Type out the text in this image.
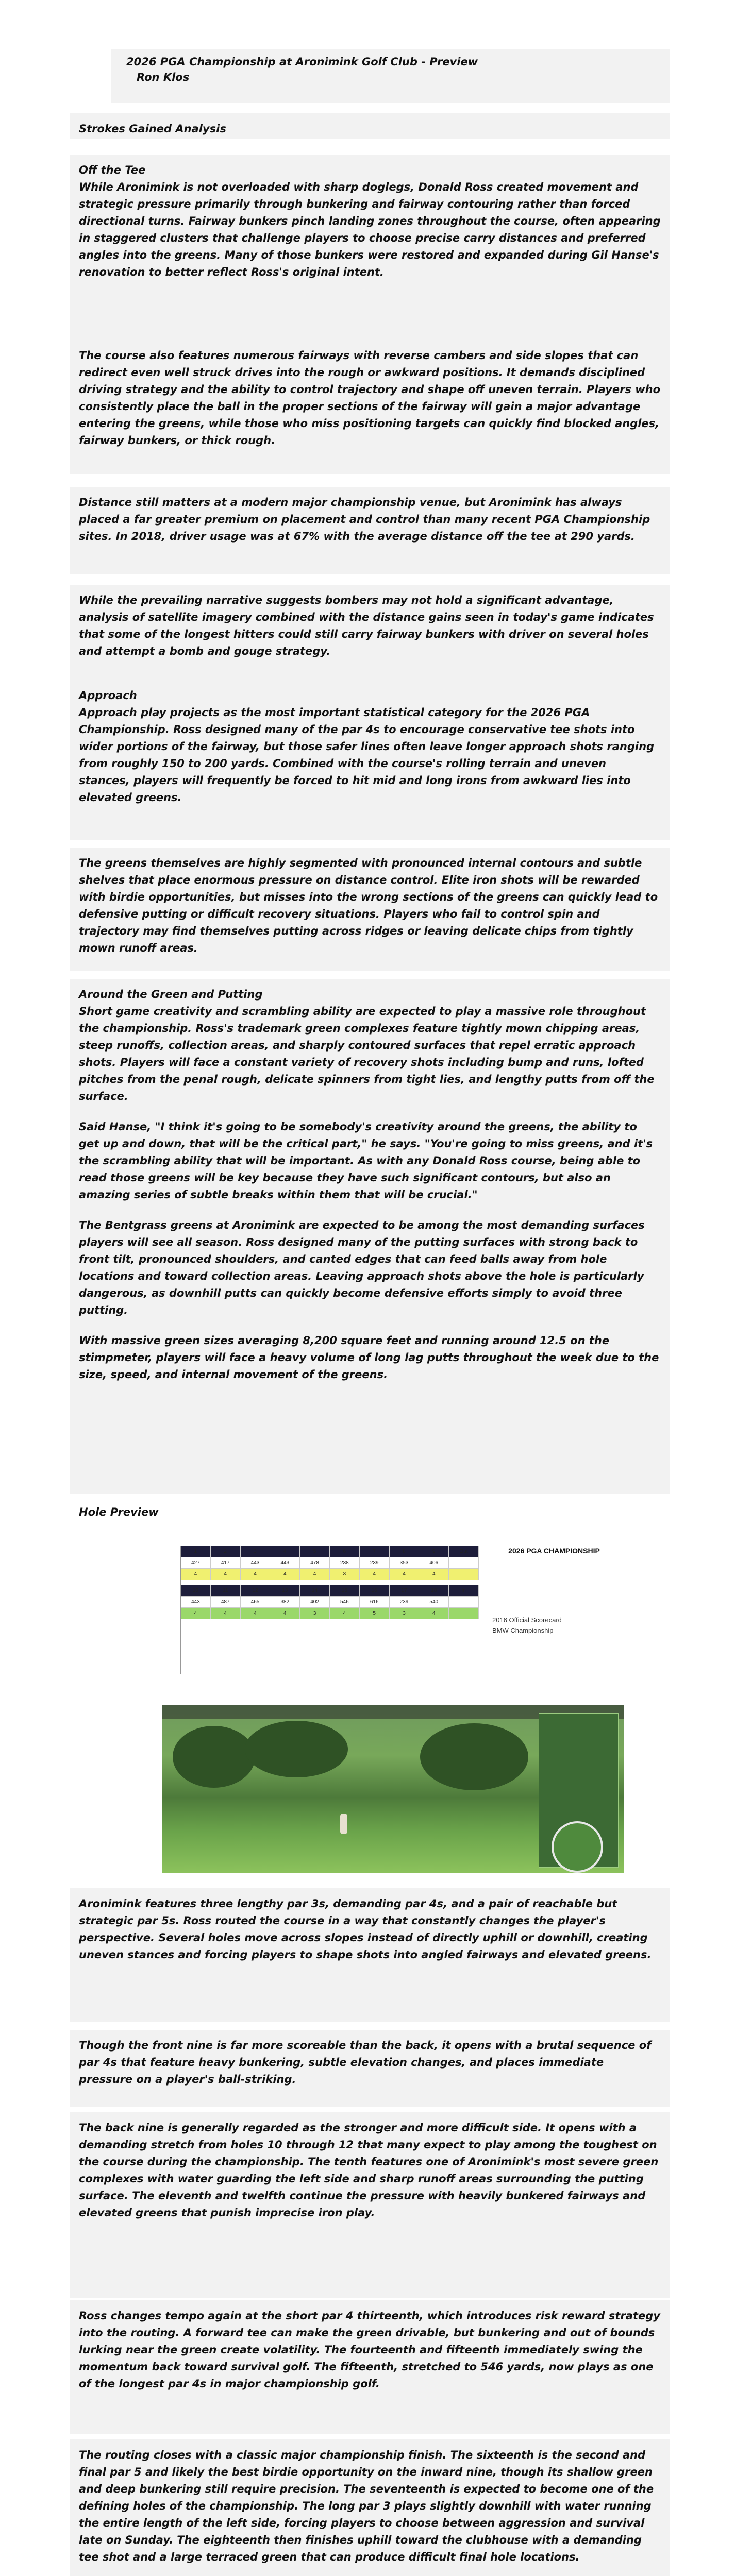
2026 PGA Championship at Aronimink Golf Club - Preview
Ron Klos
Strokes Gained Analysis
Off the Tee

While Aronimink is not overloaded with sharp doglegs, Donald Ross created movement and strategic pressure primarily through bunkering and fairway contouring rather than forced directional turns. Fairway bunkers pinch landing zones throughout the course, often appearing in staggered clusters that challenge players to choose precise carry distances and preferred angles into the greens. Many of those bunkers were restored and expanded during Gil Hanse's renovation to better reflect Ross's original intent.

The course also features numerous fairways with reverse cambers and side slopes that can redirect even well struck drives into the rough or awkward positions. It demands disciplined driving strategy and the ability to control trajectory and shape off uneven terrain. Players who consistently place the ball in the proper sections of the fairway will gain a major advantage entering the greens, while those who miss positioning targets can quickly find blocked angles, fairway bunkers, or thick rough.

Distance still matters at a modern major championship venue, but Aronimink has always placed a far greater premium on placement and control than many recent PGA Championship sites. In 2018, driver usage was at 67% with the average distance off the tee at 290 yards.

While the prevailing narrative suggests bombers may not hold a significant advantage, analysis of satellite imagery combined with the distance gains seen in today's game indicates that some of the longest hitters could still carry fairway bunkers with driver on several holes and attempt a bomb and gouge strategy.

Approach

Approach play projects as the most important statistical category for the 2026 PGA Championship. Ross designed many of the par 4s to encourage conservative tee shots into wider portions of the fairway, but those safer lines often leave longer approach shots ranging from roughly 150 to 200 yards. Combined with the course's rolling terrain and uneven stances, players will frequently be forced to hit mid and long irons from awkward lies into elevated greens.

The greens themselves are highly segmented with pronounced internal contours and subtle shelves that place enormous pressure on distance control. Elite iron shots will be rewarded with birdie opportunities, but misses into the wrong sections of the greens can quickly lead to defensive putting or difficult recovery situations. Players who fail to control spin and trajectory may find themselves putting across ridges or leaving delicate chips from tightly mown runoff areas.

Around the Green and Putting

Short game creativity and scrambling ability are expected to play a massive role throughout the championship. Ross's trademark green complexes feature tightly mown chipping areas, steep runoffs, collection areas, and sharply contoured surfaces that repel erratic approach shots. Players will face a constant variety of recovery shots including bump and runs, lofted pitches from the penal rough, delicate spinners from tight lies, and lengthy putts from off the surface.

Said Hanse, "I think it's going to be somebody's creativity around the greens, the ability to get up and down, that will be the critical part," he says. "You're going to miss greens, and it's the scrambling ability that will be important. As with any Donald Ross course, being able to read those greens will be key because they have such significant contours, but also an amazing series of subtle breaks within them that will be crucial."

The Bentgrass greens at Aronimink are expected to be among the most demanding surfaces players will see all season. Ross designed many of the putting surfaces with strong back to front tilt, pronounced shoulders, and canted edges that can feed balls away from hole locations and toward collection areas. Leaving approach shots above the hole is particularly dangerous, as downhill putts can quickly become defensive efforts simply to avoid three putting.

With massive green sizes averaging 8,200 square feet and running around 12.5 on the stimpmeter, players will face a heavy volume of long lag putts throughout the week due to the size, speed, and internal movement of the greens.

Hole Preview
1	2	3	4	5	6	7	8	9	Out
427	417	443	443	478	238	239	353	406
4	4	4	4	4	3	4	4	4
10	11	12	13	14	15	16	17	18	In
443	487	465	382	402	546	616	239	540
4	4	4	4	3	4	5	3	4
2026 PGA CHAMPIONSHIP
2016 Official Scorecard
BMW Championship

Aronimink features three lengthy par 3s, demanding par 4s, and a pair of reachable but strategic par 5s. Ross routed the course in a way that constantly changes the player's perspective. Several holes move across slopes instead of directly uphill or downhill, creating uneven stances and forcing players to shape shots into angled fairways and elevated greens.

Though the front nine is far more scoreable than the back, it opens with a brutal sequence of par 4s that feature heavy bunkering, subtle elevation changes, and places immediate pressure on a player's ball-striking.

The back nine is generally regarded as the stronger and more difficult side. It opens with a demanding stretch from holes 10 through 12 that many expect to play among the toughest on the course during the championship. The tenth features one of Aronimink's most severe green complexes with water guarding the left side and sharp runoff areas surrounding the putting surface. The eleventh and twelfth continue the pressure with heavily bunkered fairways and elevated greens that punish imprecise iron play.

Ross changes tempo again at the short par 4 thirteenth, which introduces risk reward strategy into the routing. A forward tee can make the green drivable, but bunkering and out of bounds lurking near the green create volatility. The fourteenth and fifteenth immediately swing the momentum back toward survival golf. The fifteenth, stretched to 546 yards, now plays as one of the longest par 4s in major championship golf.

The routing closes with a classic major championship finish. The sixteenth is the second and final par 5 and likely the best birdie opportunity on the inward nine, though its shallow green and deep bunkering still require precision. The seventeenth is expected to become one of the defining holes of the championship. The long par 3 plays slightly downhill with water running the entire length of the left side, forcing players to choose between aggression and survival late on Sunday. The eighteenth then finishes uphill toward the clubhouse with a demanding tee shot and a large terraced green that can produce difficult final hole locations.
